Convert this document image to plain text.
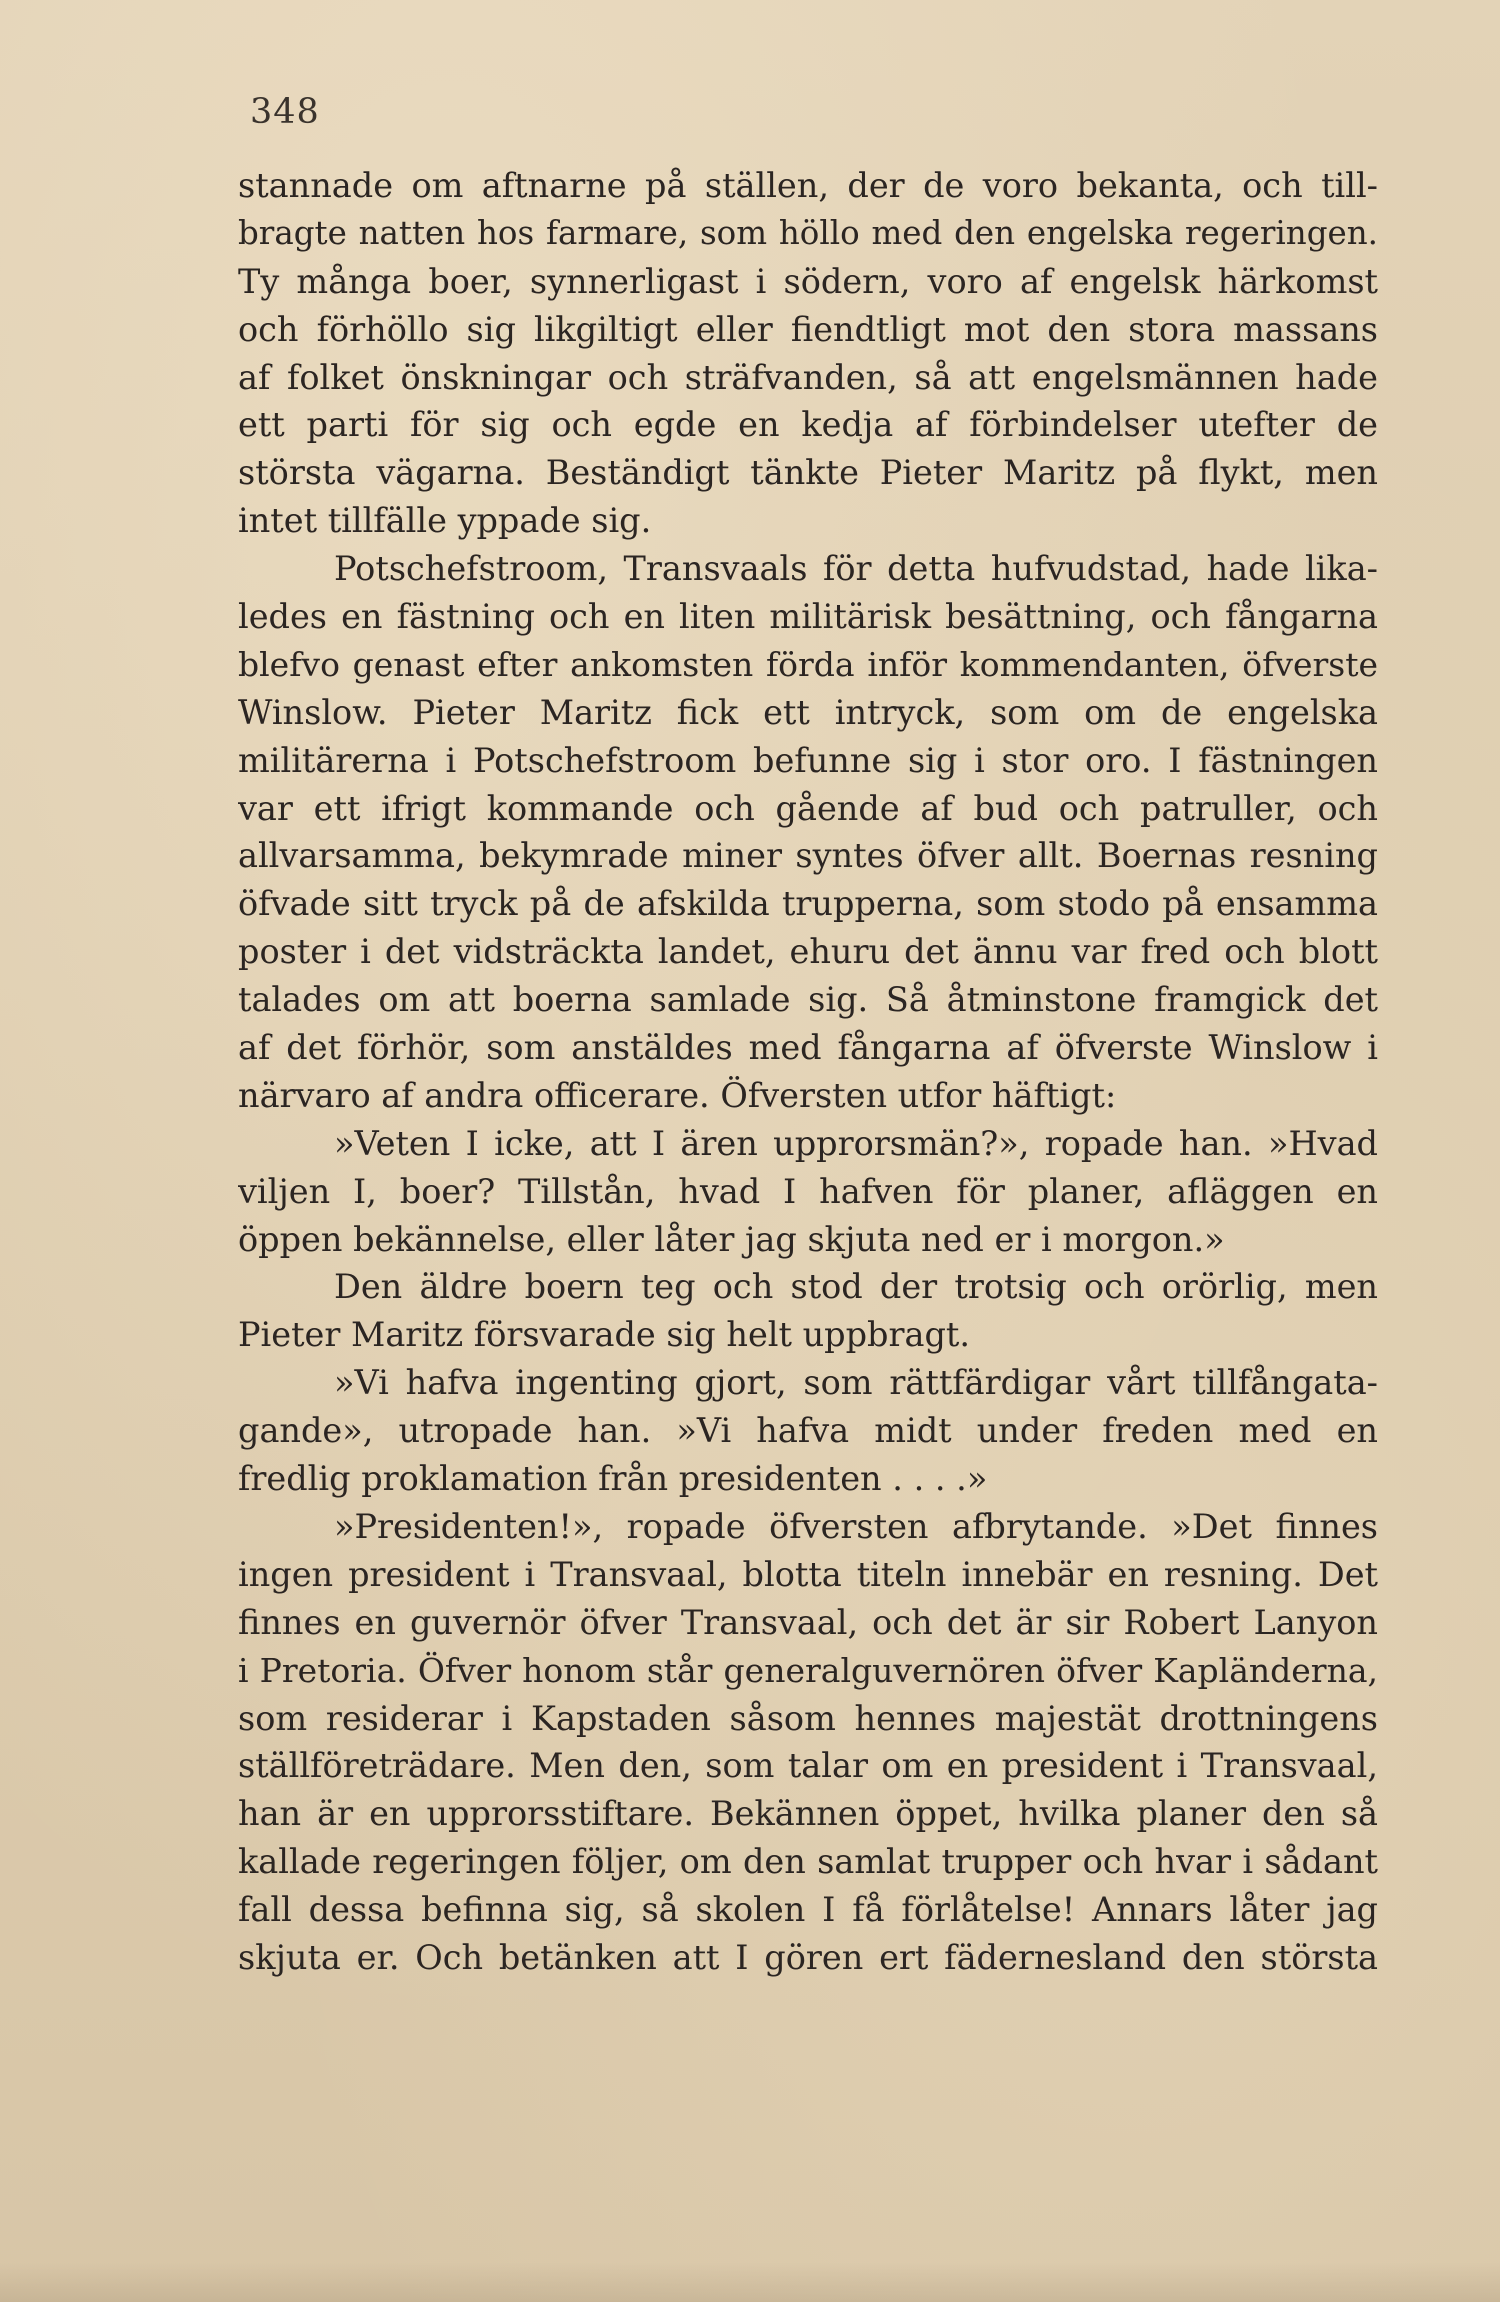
348
stannade om aftnarne på ställen, der de voro bekanta, och till-
bragte natten hos farmare, som höllo med den engelska regeringen.
Ty många boer, synnerligast i södern, voro af engelsk härkomst
och förhöllo sig likgiltigt eller fiendtligt mot den stora massans
af folket önskningar och sträfvanden, så att engelsmännen hade
ett parti för sig och egde en kedja af förbindelser utefter de
största vägarna. Beständigt tänkte Pieter Maritz på flykt, men
intet tillfälle yppade sig.
Potschefstroom, Transvaals för detta hufvudstad, hade lika-
ledes en fästning och en liten militärisk besättning, och fångarna
blefvo genast efter ankomsten förda inför kommendanten, öfverste
Winslow. Pieter Maritz fick ett intryck, som om de engelska
militärerna i Potschefstroom befunne sig i stor oro. I fästningen
var ett ifrigt kommande och gående af bud och patruller, och
allvarsamma, bekymrade miner syntes öfver allt. Boernas resning
öfvade sitt tryck på de afskilda trupperna, som stodo på ensamma
poster i det vidsträckta landet, ehuru det ännu var fred och blott
talades om att boerna samlade sig. Så åtminstone framgick det
af det förhör, som anstäldes med fångarna af öfverste Winslow i
närvaro af andra officerare. Öfversten utfor häftigt:
»Veten I icke, att I ären upprorsmän?», ropade han. »Hvad
viljen I, boer? Tillstån, hvad I hafven för planer, afläggen en
öppen bekännelse, eller låter jag skjuta ned er i morgon.»
Den äldre boern teg och stod der trotsig och orörlig, men
Pieter Maritz försvarade sig helt uppbragt.
»Vi hafva ingenting gjort, som rättfärdigar vårt tillfångata-
gande», utropade han. »Vi hafva midt under freden med en
fredlig proklamation från presidenten . . . .»
»Presidenten!», ropade öfversten afbrytande. »Det finnes
ingen president i Transvaal, blotta titeln innebär en resning. Det
finnes en guvernör öfver Transvaal, och det är sir Robert Lanyon
i Pretoria. Öfver honom står generalguvernören öfver Kapländerna,
som residerar i Kapstaden såsom hennes majestät drottningens
ställföreträdare. Men den, som talar om en president i Transvaal,
han är en upprorsstiftare. Bekännen öppet, hvilka planer den så
kallade regeringen följer, om den samlat trupper och hvar i sådant
fall dessa befinna sig, så skolen I få förlåtelse! Annars låter jag
skjuta er. Och betänken att I gören ert fädernesland den största
